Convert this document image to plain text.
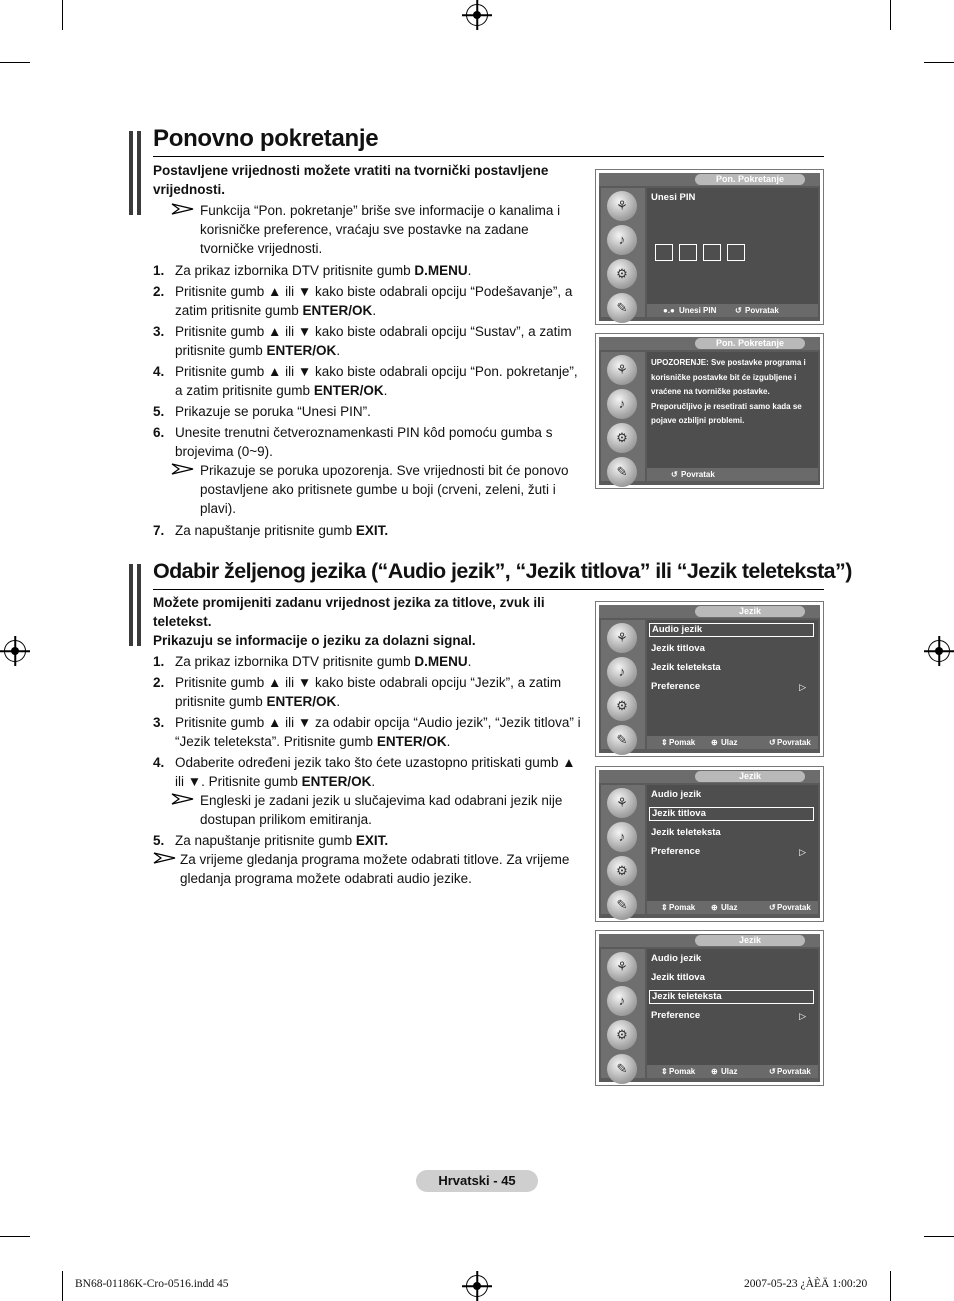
Ponovno pokretanje

Postavljene vrijednosti možete vratiti na tvornički postavljene vrijednosti.

Funkcija “Pon. pokretanje” briše sve informacije o kanalima i korisničke preference, vraćaju sve postavke na zadane tvorničke vrijednosti.
1. Za prikaz izbornika DTV pritisnite gumb D.MENU.
2. Pritisnite gumb ▲ ili ▼ kako biste odabrali opciju “Podešavanje”, a zatim pritisnite gumb ENTER/OK.
3. Pritisnite gumb ▲ ili ▼ kako biste odabrali opciju “Sustav”, a zatim pritisnite gumb ENTER/OK.
4. Pritisnite gumb ▲ ili ▼ kako biste odabrali opciju “Pon. pokretanje”, a zatim pritisnite gumb ENTER/OK.
5. Prikazuje se poruka “Unesi PIN”.
6. Unesite trenutni četveroznamenkasti PIN kôd pomoću gumba s brojevima (0~9).
Prikazuje se poruka upozorenja. Sve vrijednosti bit će ponovo postavljene ako pritisnete gumbe u boji (crveni, zeleni, žuti i plavi).
7. Za napuštanje pritisnite gumb EXIT.
Pon. Pokretanje
⚘
♪
⚙
✎
Unesi PIN
●.● Unesi PIN ↺ Povratak
Pon. Pokretanje
⚘
♪
⚙
✎
UPOZORENJE: Sve postavke programa i korisničke postavke bit će izgubljene i vraćene na tvorničke postavke. Preporučljivo je resetirati samo kada se pojave ozbiljni problemi.
↺ Povratak
Odabir željenog jezika (“Audio jezik”, “Jezik titlova” ili “Jezik teleteksta”)

Možete promijeniti zadanu vrijednost jezika za titlove, zvuk ili teletekst.

Prikazuju se informacije o jeziku za dolazni signal.

1. Za prikaz izbornika DTV pritisnite gumb D.MENU.
2. Pritisnite gumb ▲ ili ▼ kako biste odabrali opciju “Jezik”, a zatim pritisnite gumb ENTER/OK.
3. Pritisnite gumb ▲ ili ▼ za odabir opcija “Audio jezik”, “Jezik titlova” i “Jezik teleteksta”. Pritisnite gumb ENTER/OK.
4. Odaberite određeni jezik tako što ćete uzastopno pritiskati gumb ▲ ili ▼. Pritisnite gumb ENTER/OK.
Engleski je zadani jezik u slučajevima kad odabrani jezik nije dostupan prilikom emitiranja.
5. Za napuštanje pritisnite gumb EXIT.
Za vrijeme gledanja programa možete odabrati titlove. Za vrijeme gledanja programa možete odabrati audio jezike.
Jezik
⚘
♪
⚙
✎
Audio jezik
Jezik titlova
Jezik teleteksta
Preference	▷
⇕ Pomak ⊕ Ulaz	↺ Povratak
Jezik
⚘
♪
⚙
✎
Audio jezik
Jezik titlova
Jezik teleteksta
Preference	▷
⇕ Pomak ⊕ Ulaz	↺ Povratak
Jezik
⚘
♪
⚙
✎
Audio jezik
Jezik titlova
Jezik teleteksta
Preference	▷
⇕ Pomak ⊕ Ulaz	↺ Povratak
Hrvatski - 45
BN68-01186K-Cro-0516.indd 45	2007-05-23 ¿ÀÈÄ 1:00:20
